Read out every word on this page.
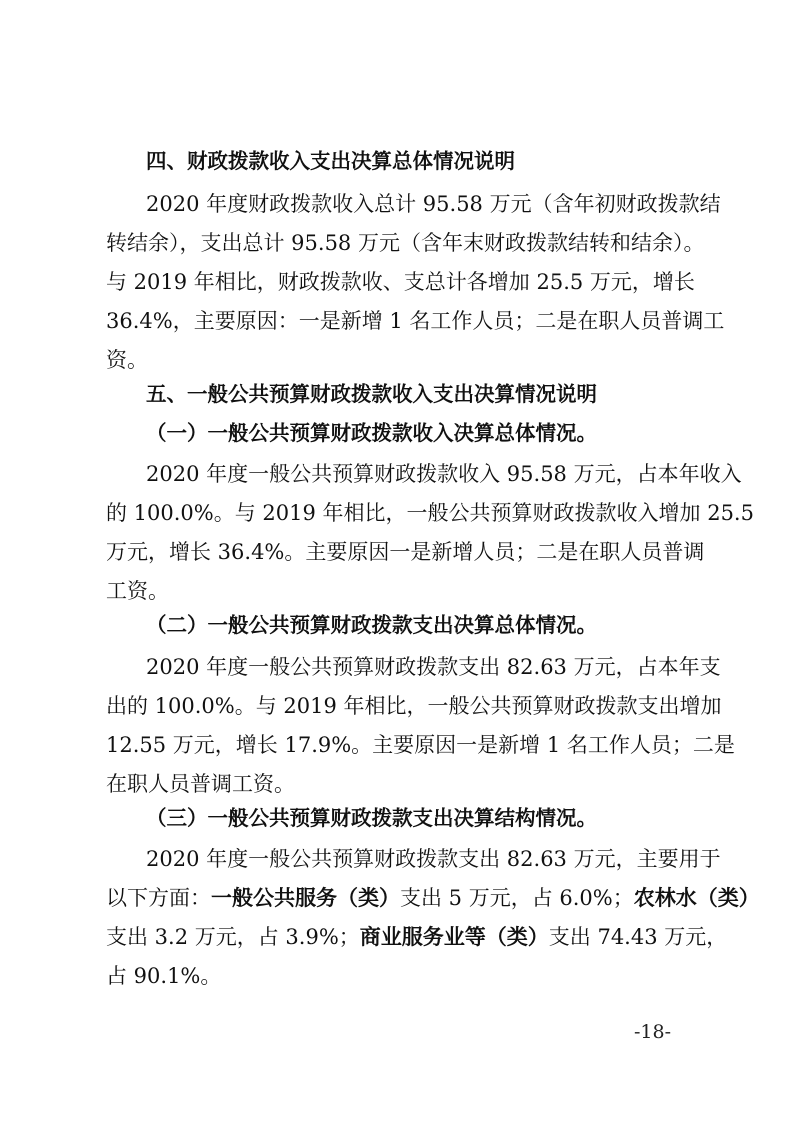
四、财政拨款收入支出决算总体情况说明
2020 年度财政拨款收入总计 95.58 万元（含年初财政拨款结
转结余），支出总计 95.58 万元（含年末财政拨款结转和结余）。
与 2019 年相比，财政拨款收、支总计各增加 25.5 万元，增长
36.4%，主要原因：一是新增 1 名工作人员；二是在职人员普调工
资。
五、一般公共预算财政拨款收入支出决算情况说明
（一）一般公共预算财政拨款收入决算总体情况。
2020 年度一般公共预算财政拨款收入 95.58 万元，占本年收入
的 100.0%。与 2019 年相比，一般公共预算财政拨款收入增加 25.5
万元，增长 36.4%。主要原因一是新增人员；二是在职人员普调
工资。
（二）一般公共预算财政拨款支出决算总体情况。
2020 年度一般公共预算财政拨款支出 82.63 万元，占本年支
出的 100.0%。与 2019 年相比，一般公共预算财政拨款支出增加
12.55 万元，增长 17.9%。主要原因一是新增 1 名工作人员；二是
在职人员普调工资。
（三）一般公共预算财政拨款支出决算结构情况。
2020 年度一般公共预算财政拨款支出 82.63 万元，主要用于
以下方面：一般公共服务（类）支出 5 万元，占 6.0%；农林水（类）
支出 3.2 万元，占 3.9%；商业服务业等（类）支出 74.43 万元，
占 90.1%。
-18-
